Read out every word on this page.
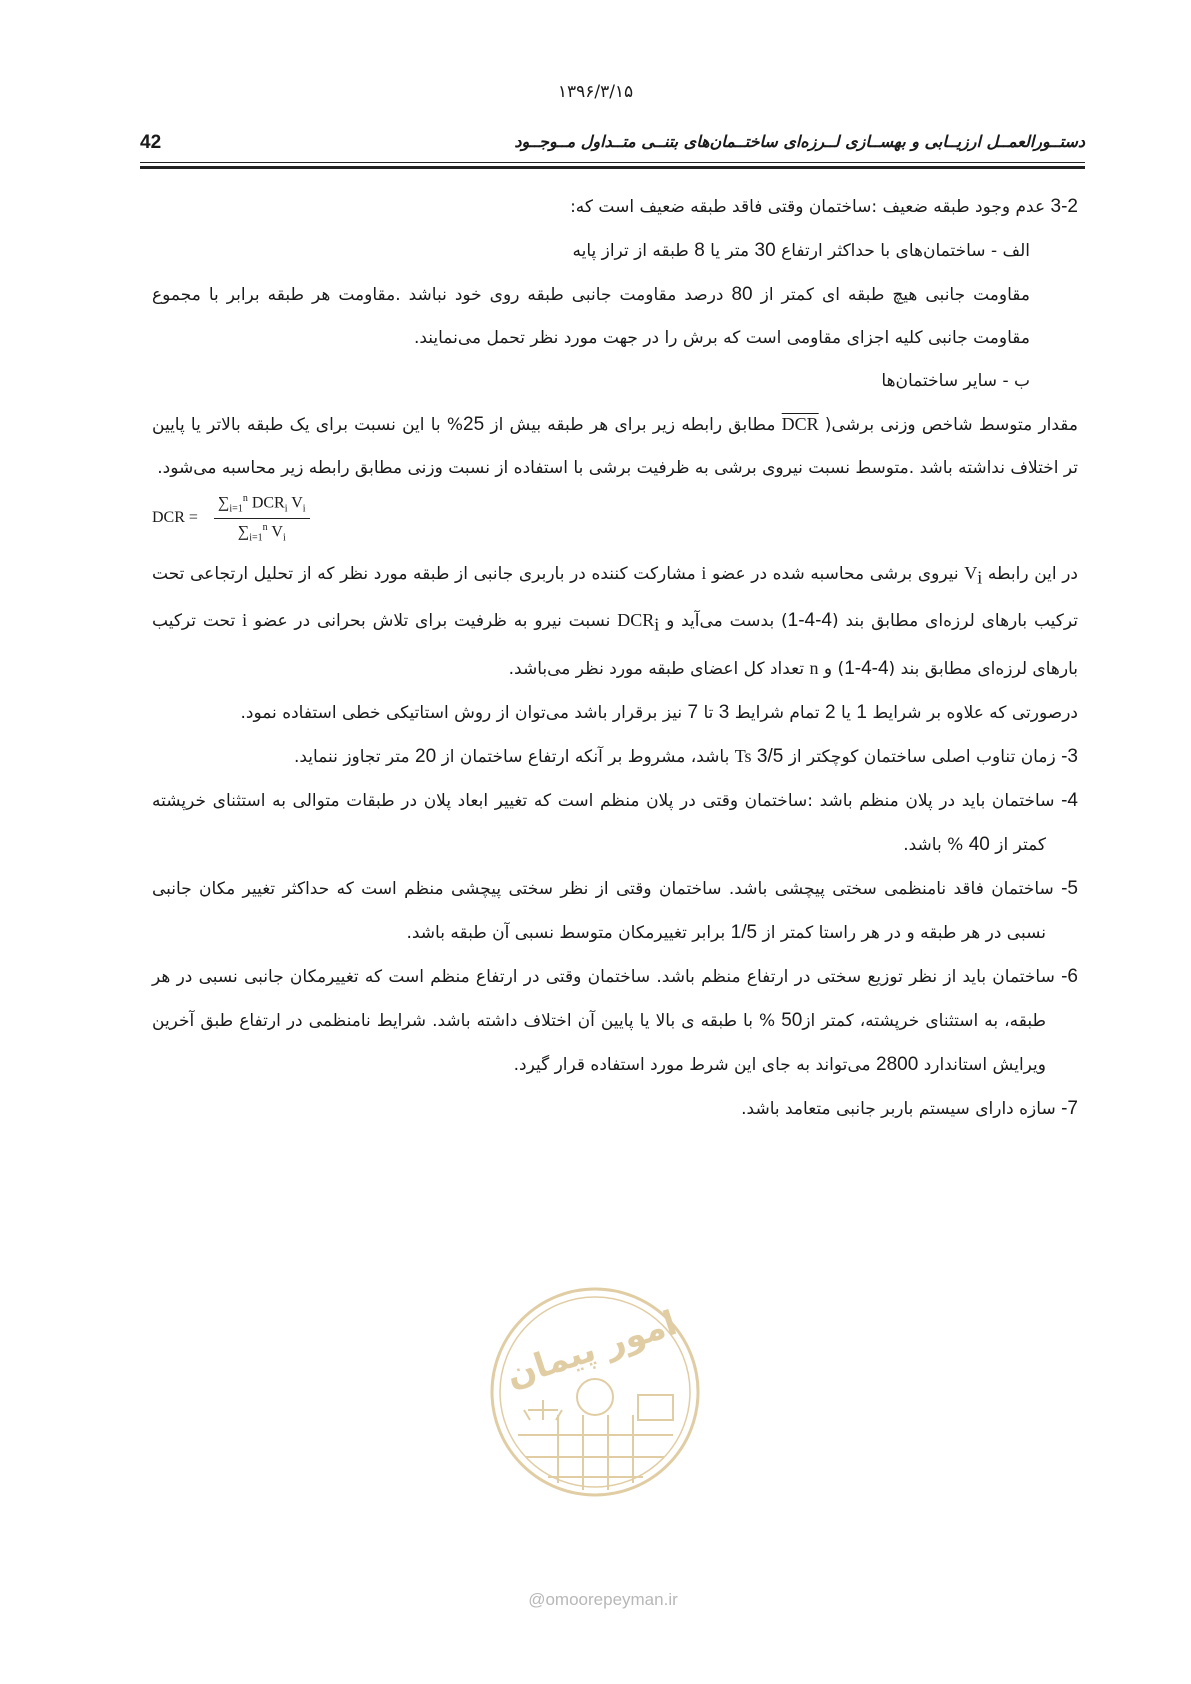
۱۳۹۶/۳/۱۵
42	دستــورالعمــل ارزیــابی و بهســازی لــرزه‌ای ساختــمان‌های بتنــی متــداول مــوجــود

3-2 عدم وجود طبقه ضعیف :ساختمان وقتی فاقد طبقه ضعیف است که:

الف - ساختمان‌های با حداکثر ارتفاع 30 متر یا 8 طبقه از تراز پایه

مقاومت جانبی هیچ طبقه ای کمتر از 80 درصد مقاومت جانبی طبقه روی خود نباشد .مقاومت هر طبقه برابر با مجموع مقاومت جانبی کلیه اجزای مقاومی است که برش را در جهت مورد نظر تحمل می‌نمایند.

ب - سایر ساختمان‌ها

مقدار متوسط شاخص وزنی برشی( $\overline{DCR}$ مطابق رابطه زیر برای هر طبقه بیش از 25% با این نسبت برای یک طبقه بالاتر یا پایین تر اختلاف نداشته باشد .متوسط نسبت نیروی برشی به ظرفیت برشی با استفاده از نسبت وزنی مطابق رابطه زیر محاسبه می‌شود.

DCR =
$\sum_{i=1}^n$ $DCR_i$ $V_i$
$\sum_{i=1}^n$ $V_i$

در این رابطه $V_i$ نیروی برشی محاسبه شده در عضو i مشارکت کننده در باربری جانبی از طبقه مورد نظر که از تحلیل ارتجاعی تحت ترکیب بارهای لرزه‌ای مطابق بند (1-4-4) بدست می‌آید و $DCR_i$ نسبت نیرو به ظرفیت برای تلاش بحرانی در عضو i تحت ترکیب بارهای لرزه‌ای مطابق بند (1-4-4) و n تعداد کل اعضای طبقه مورد نظر می‌باشد.

درصورتی که علاوه بر شرایط 1 یا 2 تمام شرایط 3 تا 7 نیز برقرار باشد می‌توان از روش استاتیکی خطی استفاده نمود.

3- زمان تناوب اصلی ساختمان کوچکتر از 3/5 Ts باشد، مشروط بر آنکه ارتفاع ساختمان از 20 متر تجاوز ننماید.

4- ساختمان باید در پلان منظم باشد :ساختمان وقتی در پلان منظم است که تغییر ابعاد پلان در طبقات متوالی به استثنای خرپشته کمتر از 40 % باشد.

5- ساختمان فاقد نامنظمی سختی پیچشی باشد. ساختمان وقتی از نظر سختی پیچشی منظم است که حداکثر تغییر مکان جانبی نسبی در هر طبقه و در هر راستا کمتر از 1/5 برابر تغییرمکان متوسط نسبی آن طبقه باشد.

6- ساختمان باید از نظر توزیع سختی در ارتفاع منظم باشد. ساختمان وقتی در ارتفاع منظم است که تغییرمکان جانبی نسبی در هر طبقه، به استثنای خرپشته، کمتر از50 % با طبقه ی بالا یا پایین آن اختلاف داشته باشد. شرایط نامنظمی در ارتفاع طبق آخرین ویرایش استاندارد 2800 می‌تواند به جای این شرط مورد استفاده قرار گیرد.

7- سازه دارای سیستم باربر جانبی متعامد باشد.

امور پیمان
@omoorepeyman.ir
